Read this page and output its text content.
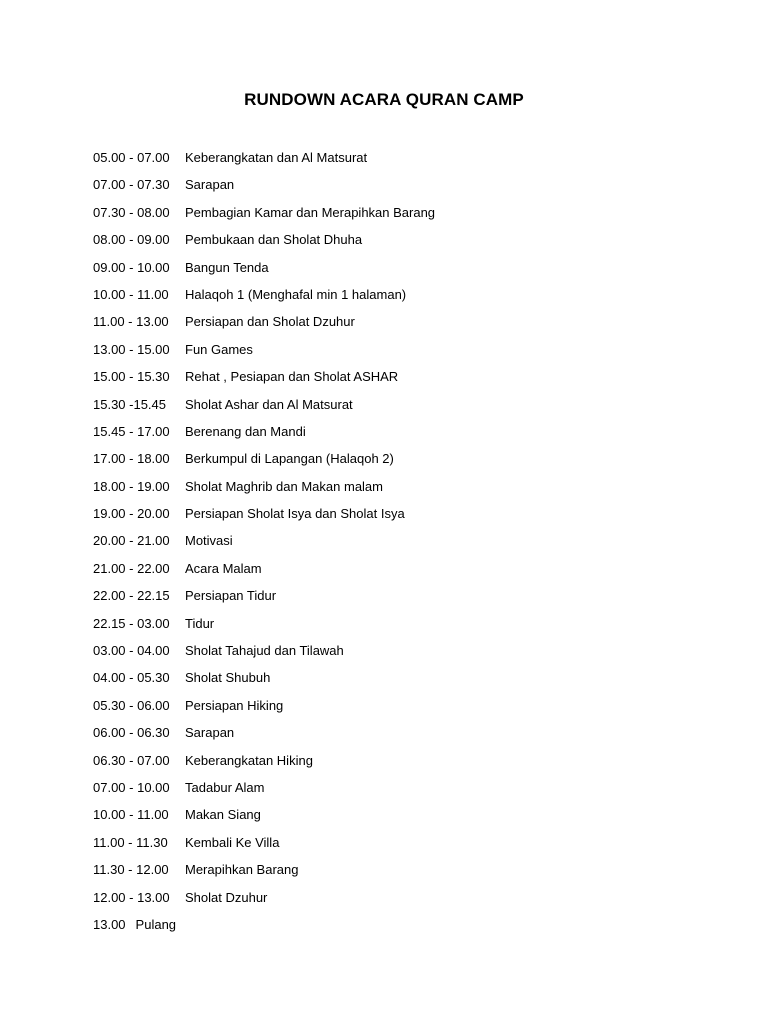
RUNDOWN ACARA QURAN CAMP
05.00 - 07.00 Keberangkatan dan Al Matsurat
07.00 - 07.30 Sarapan
07.30 - 08.00 Pembagian Kamar dan Merapihkan Barang
08.00 - 09.00 Pembukaan dan Sholat Dhuha
09.00 - 10.00 Bangun Tenda
10.00 - 11.00 Halaqoh 1 (Menghafal min 1 halaman)
11.00 - 13.00 Persiapan dan Sholat Dzuhur
13.00 - 15.00 Fun Games
15.00 - 15.30 Rehat , Pesiapan dan Sholat ASHAR
15.30 -15.45 Sholat Ashar dan Al Matsurat
15.45 - 17.00 Berenang dan Mandi
17.00 - 18.00 Berkumpul di Lapangan (Halaqoh 2)
18.00 - 19.00 Sholat Maghrib dan Makan malam
19.00 - 20.00 Persiapan Sholat Isya dan Sholat Isya
20.00 - 21.00 Motivasi
21.00 - 22.00 Acara Malam
22.00 - 22.15 Persiapan Tidur
22.15 - 03.00 Tidur
03.00 - 04.00 Sholat Tahajud dan Tilawah
04.00 - 05.30 Sholat Shubuh
05.30 - 06.00 Persiapan Hiking
06.00 - 06.30 Sarapan
06.30 - 07.00 Keberangkatan Hiking
07.00 - 10.00 Tadabur Alam
10.00 - 11.00 Makan Siang
11.00 - 11.30 Kembali Ke Villa
11.30 - 12.00 Merapihkan Barang
12.00 - 13.00 Sholat Dzuhur
13.00 Pulang
